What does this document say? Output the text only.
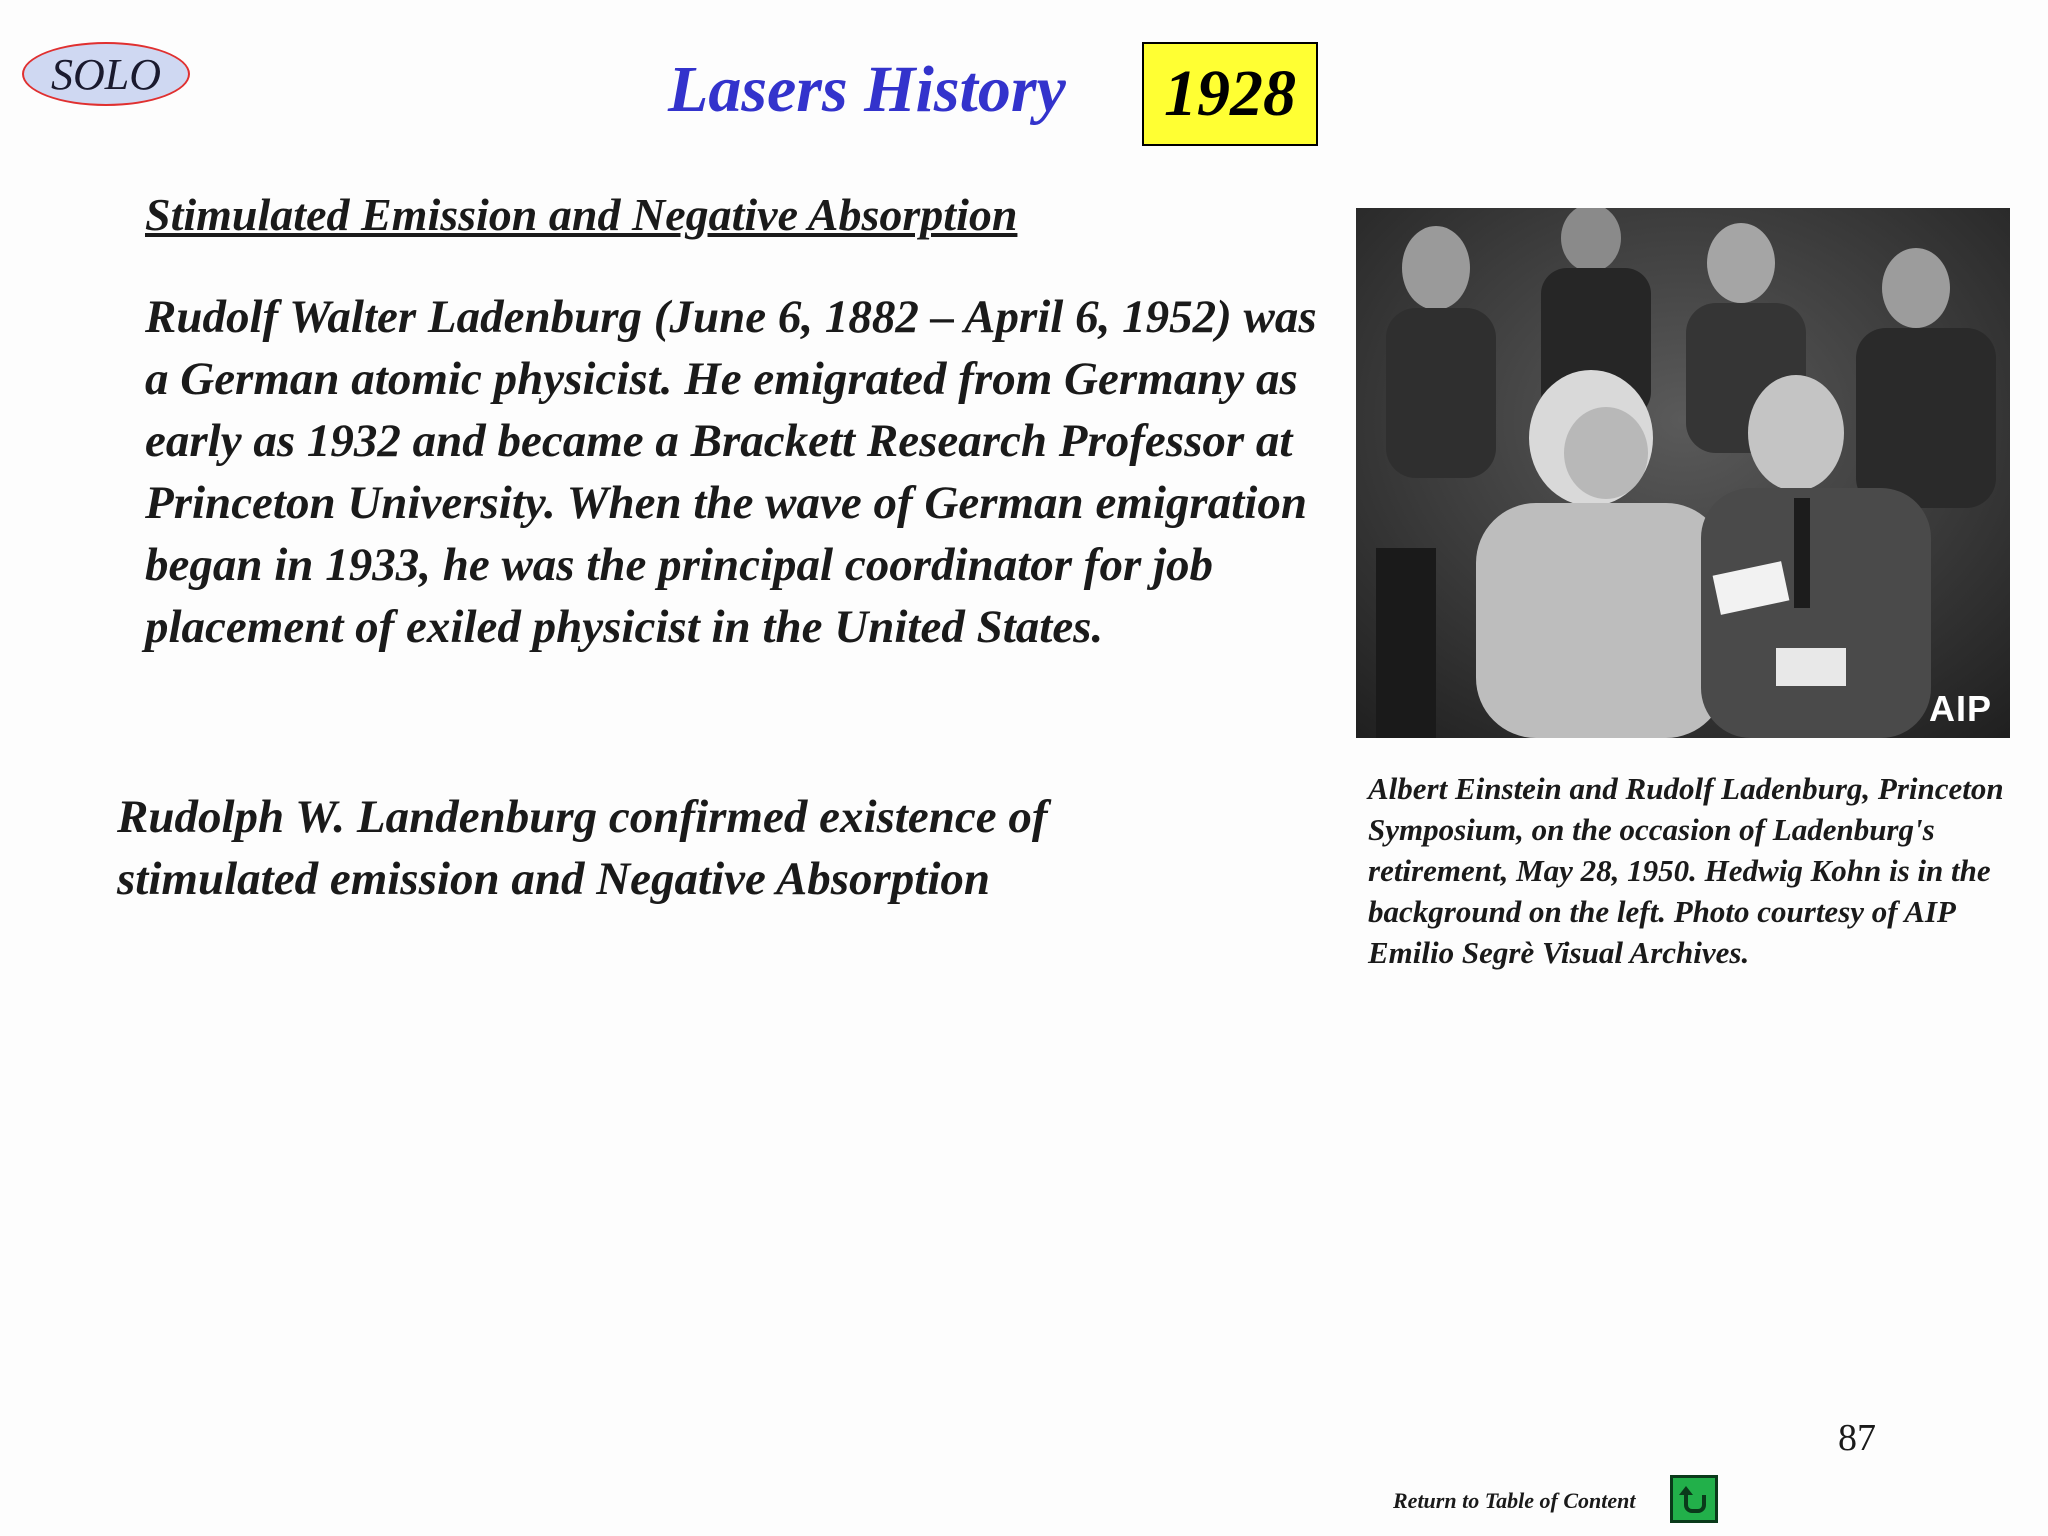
SOLO	Lasers History 1928
Stimulated Emission and Negative Absorption

Rudolf Walter Ladenburg (June 6, 1882 – April 6, 1952) was a German atomic physicist. He emigrated from Germany as early as 1932 and became a Brackett Research Professor at Princeton University. When the wave of German emigration began in 1933, he was the principal coordinator for job placement of exiled physicist in the United States.

Rudolph W. Landenburg confirmed existence of stimulated emission and Negative Absorption

AIP

Albert Einstein and Rudolf Ladenburg, Princeton Symposium, on the occasion of Ladenburg's retirement, May 28, 1950. Hedwig Kohn is in the background on the left. Photo courtesy of AIP Emilio Segrè Visual Archives.

87
Return to Table of Content
